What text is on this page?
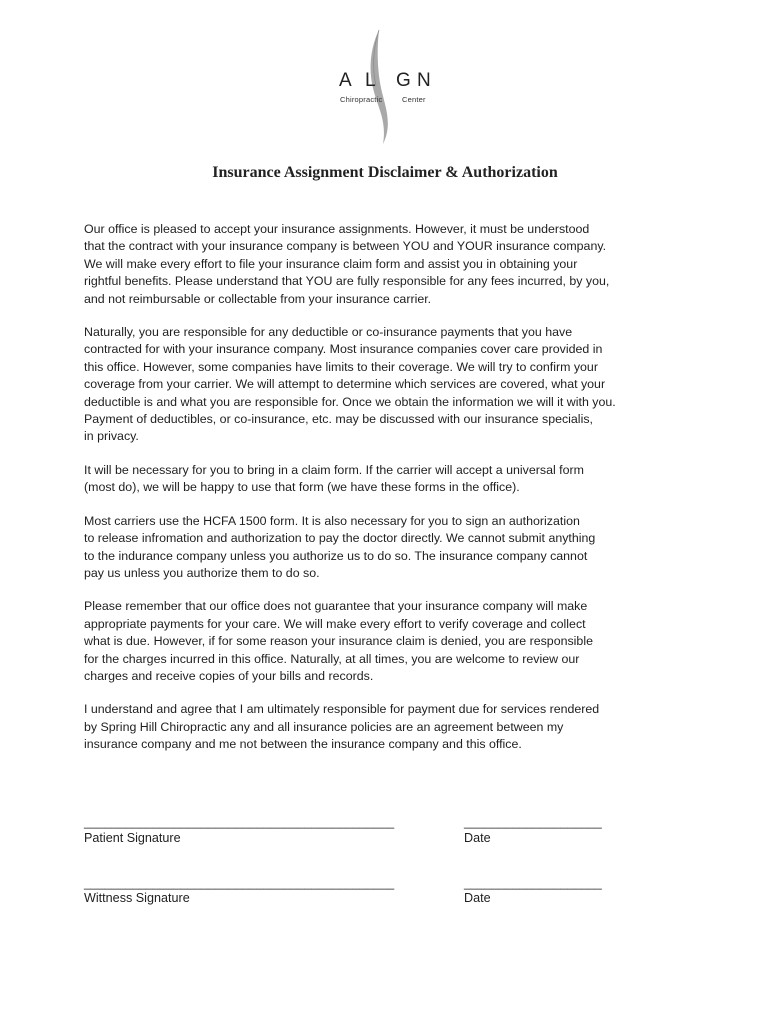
A L G
N
Chiropractic	Center
Insurance Assignment Disclaimer & Authorization

Our office is pleased to accept your insurance assignments. However, it must be understood
that the contract with your insurance company is between YOU and YOUR insurance company.
We will make every effort to file your insurance claim form and assist you in obtaining your
rightful benefits. Please understand that YOU are fully responsible for any fees incurred, by you,
and not reimbursable or collectable from your insurance carrier.

Naturally, you are responsible for any deductible or co-insurance payments that you have
contracted for with your insurance company. Most insurance companies cover care provided in
this office. However, some companies have limits to their coverage. We will try to confirm your
coverage from your carrier. We will attempt to determine which services are covered, what your
deductible is and what you are responsible for. Once we obtain the information we will it with you.
Payment of deductibles, or co-insurance, etc. may be discussed with our insurance specialis,
in privacy.

It will be necessary for you to bring in a claim form. If the carrier will accept a universal form
(most do), we will be happy to use that form (we have these forms in the office).

Most carriers use the HCFA 1500 form. It is also necessary for you to sign an authorization
to release infromation and authorization to pay the doctor directly. We cannot submit anything
to the indurance company unless you authorize us to do so. The insurance company cannot
pay us unless you authorize them to do so.

Please remember that our office does not guarantee that your insurance company will make
appropriate payments for your care. We will make every effort to verify coverage and collect
what is due. However, if for some reason your insurance claim is denied, you are responsible
for the charges incurred in this office. Naturally, at all times, you are welcome to review our
charges and receive copies of your bills and records.

I understand and agree that I am ultimately responsible for payment due for services rendered
by Spring Hill Chiropractic any and all insurance policies are an agreement between my
insurance company and me not between the insurance company and this office.

_____________________________________________	____________________
Patient Signature	Date
_____________________________________________	____________________
Wittness Signature	Date
